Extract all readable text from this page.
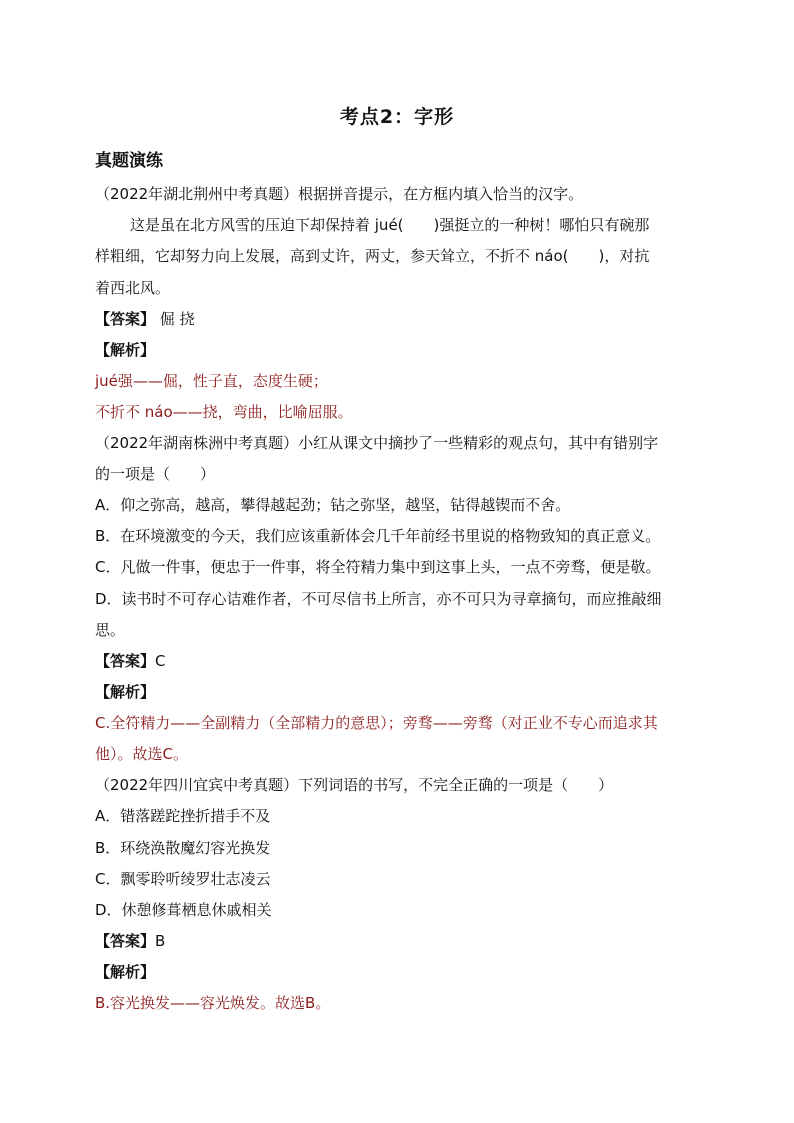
考点2：字形
真题演练
（2022年湖北荆州中考真题）根据拼音提示，在方框内填入恰当的汉字。
这是虽在北方风雪的压迫下却保持着 jué(　　)强挺立的一种树！哪怕只有碗那
样粗细，它却努力向上发展，高到丈许，两丈，参天耸立，不折不 náo(　　)，对抗
着西北风。
【答案】 倔 挠
【解析】
jué强——倔，性子直，态度生硬；
不折不 náo——挠，弯曲，比喻屈服。
（2022年湖南株洲中考真题）小红从课文中摘抄了一些精彩的观点句，其中有错别字
的一项是（　　）
A．仰之弥高，越高，攀得越起劲；钻之弥坚，越坚，钻得越锲而不舍。
B．在环境激变的今天，我们应该重新体会几千年前经书里说的格物致知的真正意义。
C．凡做一件事，便忠于一件事，将全符精力集中到这事上头，一点不旁骛，便是敬。
D．读书时不可存心诘难作者，不可尽信书上所言，亦不可只为寻章摘句，而应推敲细
思。
【答案】C
【解析】
C.全符精力——全副精力（全部精力的意思）；旁骛——旁骛（对正业不专心而追求其
他）。故选C。
（2022年四川宜宾中考真题）下列词语的书写，不完全正确的一项是（　　）
A．错落蹉跎挫折措手不及
B．环绕涣散魔幻容光换发
C．飘零聆听绫罗壮志凌云
D．休憩修葺栖息休戚相关
【答案】B
【解析】
B.容光换发——容光焕发。故选B。
